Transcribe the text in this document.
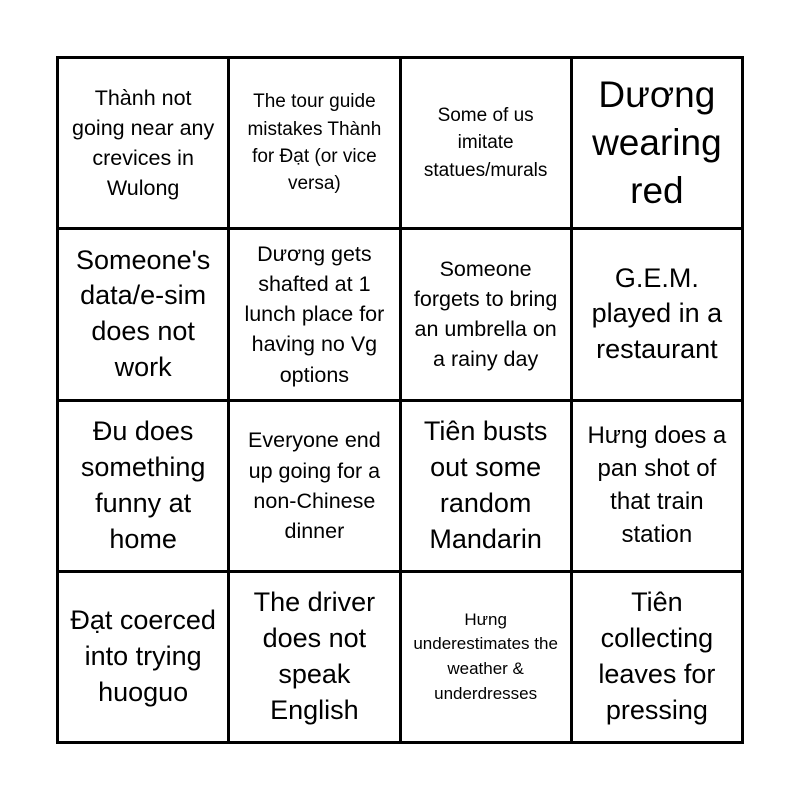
Thành not going near any crevices in Wulong
The tour guide mistakes Thành for Đạt (or vice versa)
Some of us imitate statues/murals
Dương wearing red
Someone's data/e-sim does not work
Dương gets shafted at 1 lunch place for having no Vg options
Someone forgets to bring an umbrella on a rainy day
G.E.M. played in a restaurant
Đu does something funny at home
Everyone end up going for a non-Chinese dinner
Tiên busts out some random Mandarin
Hưng does a pan shot of that train station
Đạt coerced into trying huoguo
The driver does not speak English
Hưng underestimates the weather & underdresses
Tiên collecting leaves for pressing
